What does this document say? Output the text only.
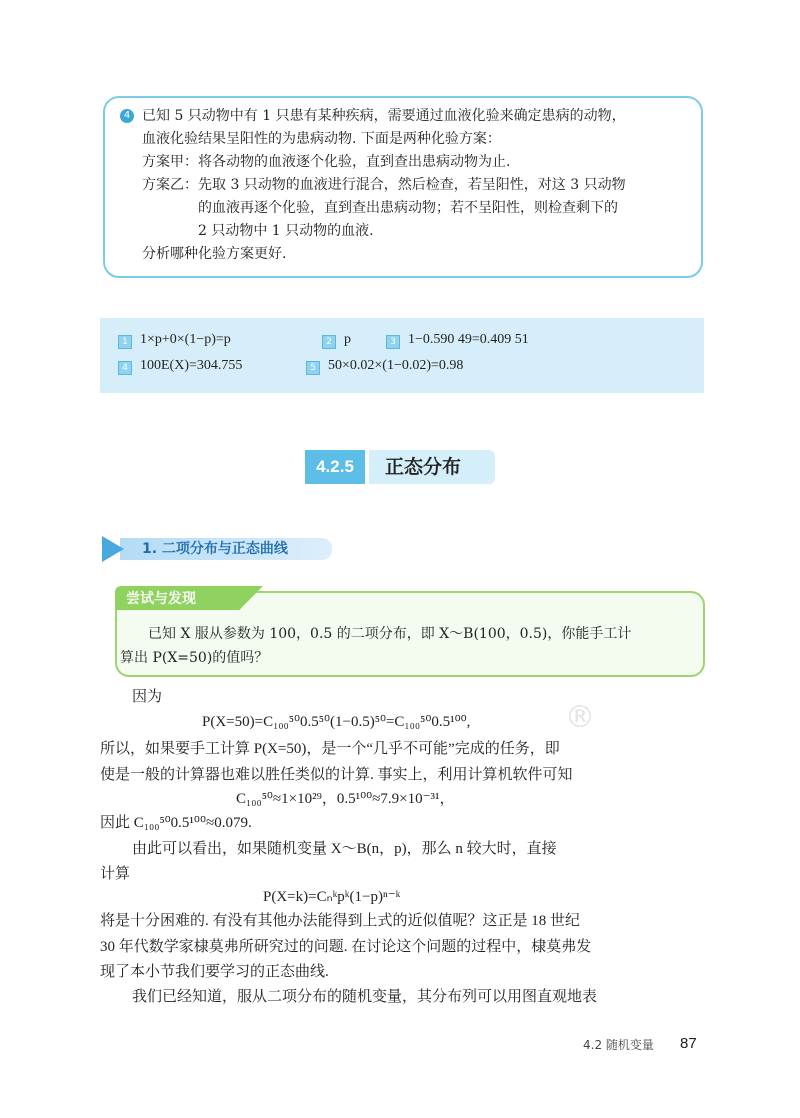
4 已知 5 只动物中有 1 只患有某种疾病，需要通过血液化验来确定患病的动物，
血液化验结果呈阳性的为患病动物. 下面是两种化验方案：
方案甲：将各动物的血液逐个化验，直到查出患病动物为止.
方案乙：先取 3 只动物的血液进行混合，然后检查，若呈阳性，对这 3 只动物
的血液再逐个化验，直到查出患病动物；若不呈阳性，则检查剩下的
2 只动物中 1 只动物的血液.
分析哪种化验方案更好.
1 1×p+0×(1−p)=p	2 p	3 1−0.590 49=0.409 51
4 100E(X)=304.755	5 50×0.02×(1−0.02)=0.98
4.2.5	正态分布
1. 二项分布与正态曲线
尝试与发现
已知 X 服从参数为 100，0.5 的二项分布，即 X～B(100，0.5)，你能手工计
算出 P(X=50)的值吗？
®
因为
P(X=50)=C₁₀₀⁵⁰0.5⁵⁰(1−0.5)⁵⁰=C₁₀₀⁵⁰0.5¹⁰⁰,
所以，如果要手工计算 P(X=50)，是一个“几乎不可能”完成的任务，即
使是一般的计算器也难以胜任类似的计算. 事实上，利用计算机软件可知
C₁₀₀⁵⁰≈1×10²⁹，0.5¹⁰⁰≈7.9×10⁻³¹，
因此 C₁₀₀⁵⁰0.5¹⁰⁰≈0.079.
由此可以看出，如果随机变量 X～B(n，p)，那么 n 较大时，直接
计算
P(X=k)=Cₙᵏpᵏ(1−p)ⁿ⁻ᵏ
将是十分困难的. 有没有其他办法能得到上式的近似值呢？这正是 18 世纪
30 年代数学家棣莫弗所研究过的问题. 在讨论这个问题的过程中，棣莫弗发
现了本小节我们要学习的正态曲线.
我们已经知道，服从二项分布的随机变量，其分布列可以用图直观地表
4.2 随机变量 87
